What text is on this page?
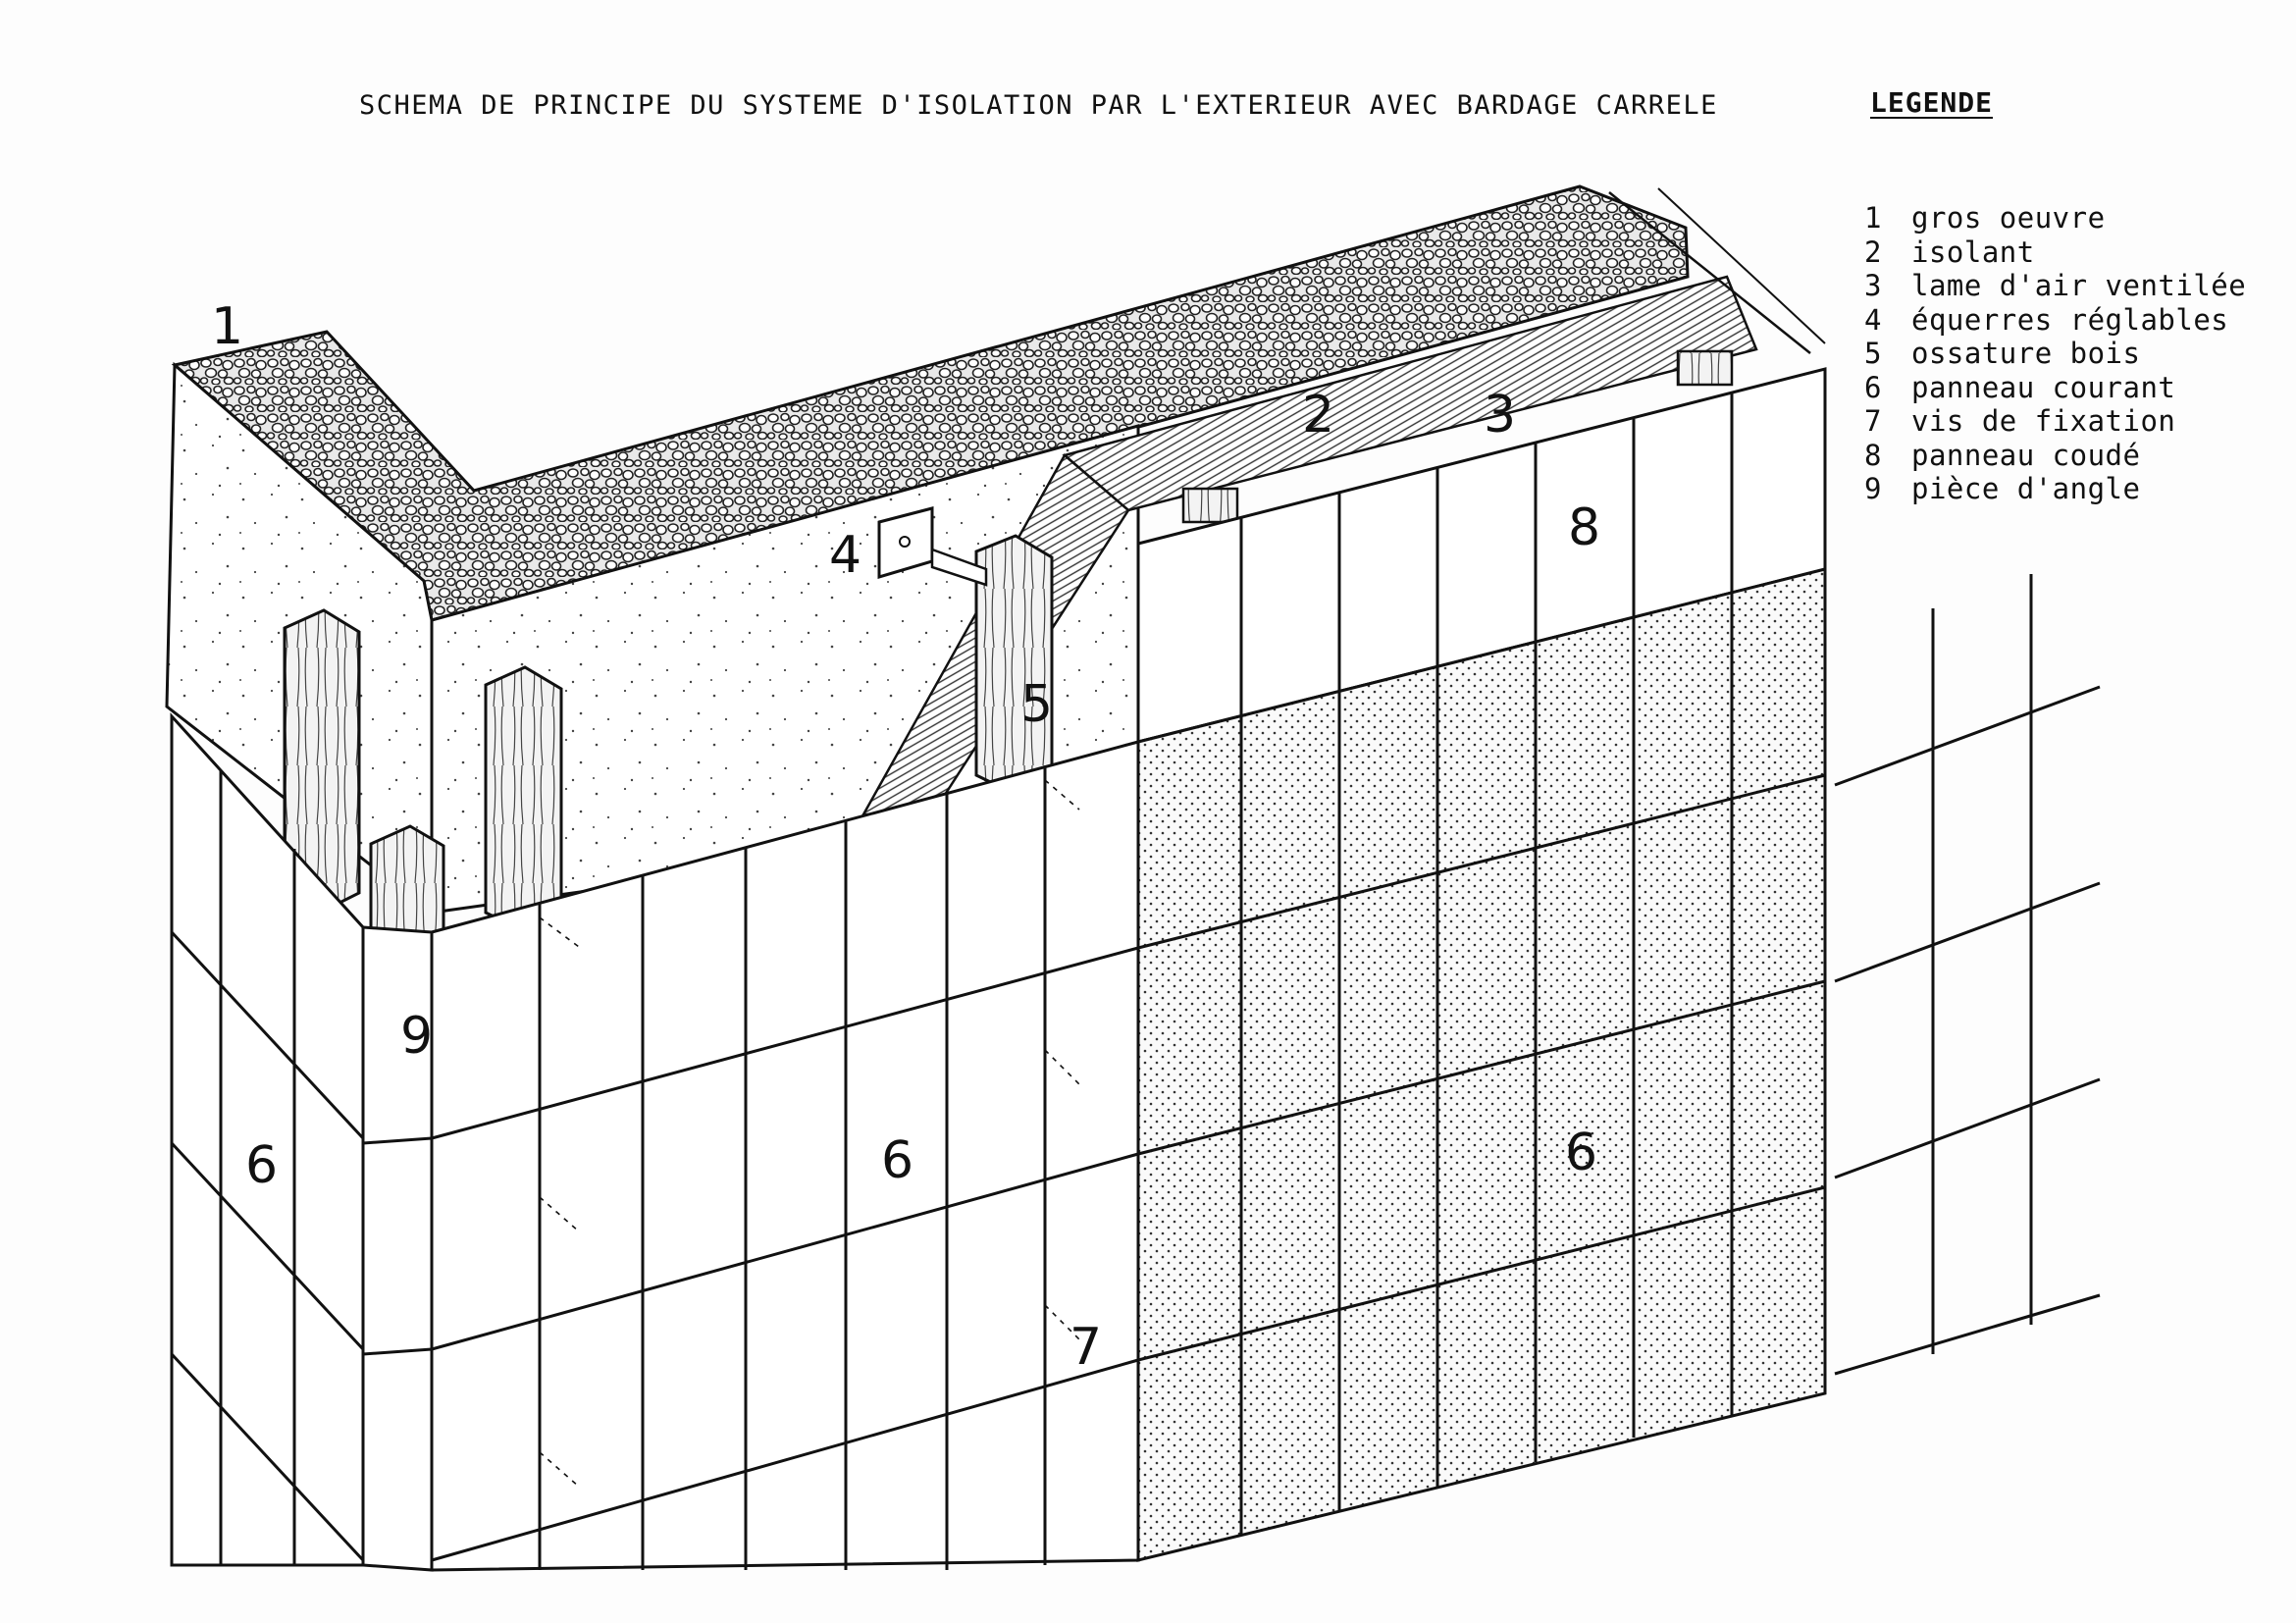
SCHEMA DE PRINCIPE DU SYSTEME D'ISOLATION PAR L'EXTERIEUR AVEC BARDAGE CARRELE	LEGENDE
1 gros oeuvre
2 isolant
3 lame d'air ventilée
4 équerres réglables
5 ossature bois
6 panneau courant
7 vis de fixation
8 panneau coudé
9 pièce d'angle
1
2	3
4
5
8
9
6	6	6
7
